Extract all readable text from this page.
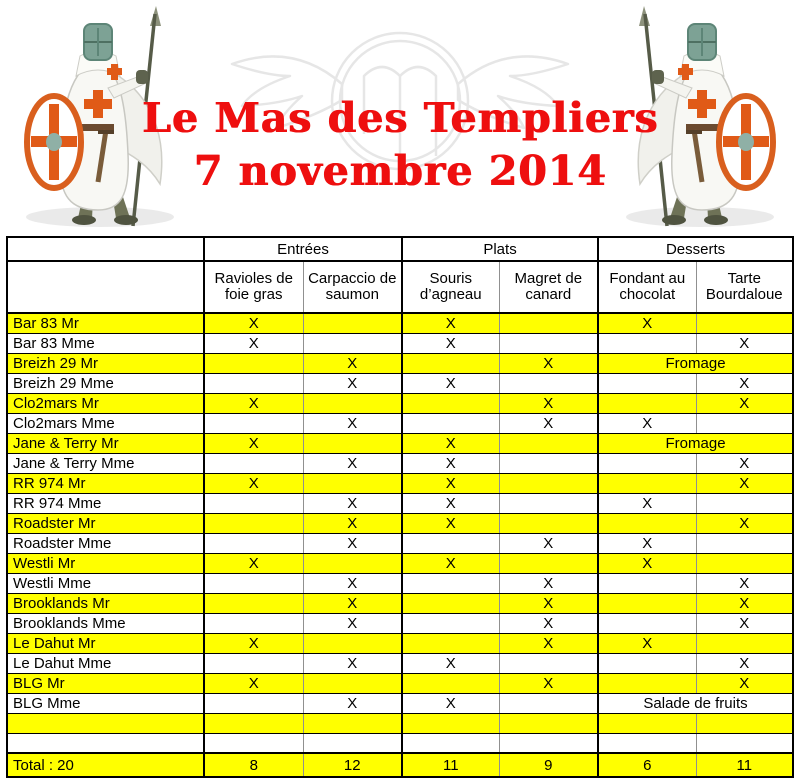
Le Mas des Templiers
7 novembre 2014
	Entrées		Plats		Desserts	
	Ravioles de foie gras	Carpaccio de saumon	Souris d’agneau	Magret de canard	Fondant au chocolat	Tarte Bourdaloue
Bar 83 Mr	X		X		X	
Bar 83 Mme	X		X			X
Breizh 29 Mr		X		X	Fromage	
Breizh 29 Mme		X	X			X
Clo2mars Mr	X			X		X
Clo2mars Mme		X		X	X	
Jane & Terry Mr	X		X		Fromage	
Jane & Terry Mme		X	X			X
RR 974 Mr	X		X			X
RR 974 Mme		X	X		X	
Roadster Mr		X	X			X
Roadster Mme		X		X	X	
Westli Mr	X		X		X	
Westli Mme		X		X		X
Brooklands Mr		X		X		X
Brooklands Mme		X		X		X
Le Dahut Mr	X			X	X	
Le Dahut Mme		X	X			X
BLG Mr	X			X		X
BLG Mme		X	X		Salade de fruits	

Total : 20	8	12	11	9	6	11
